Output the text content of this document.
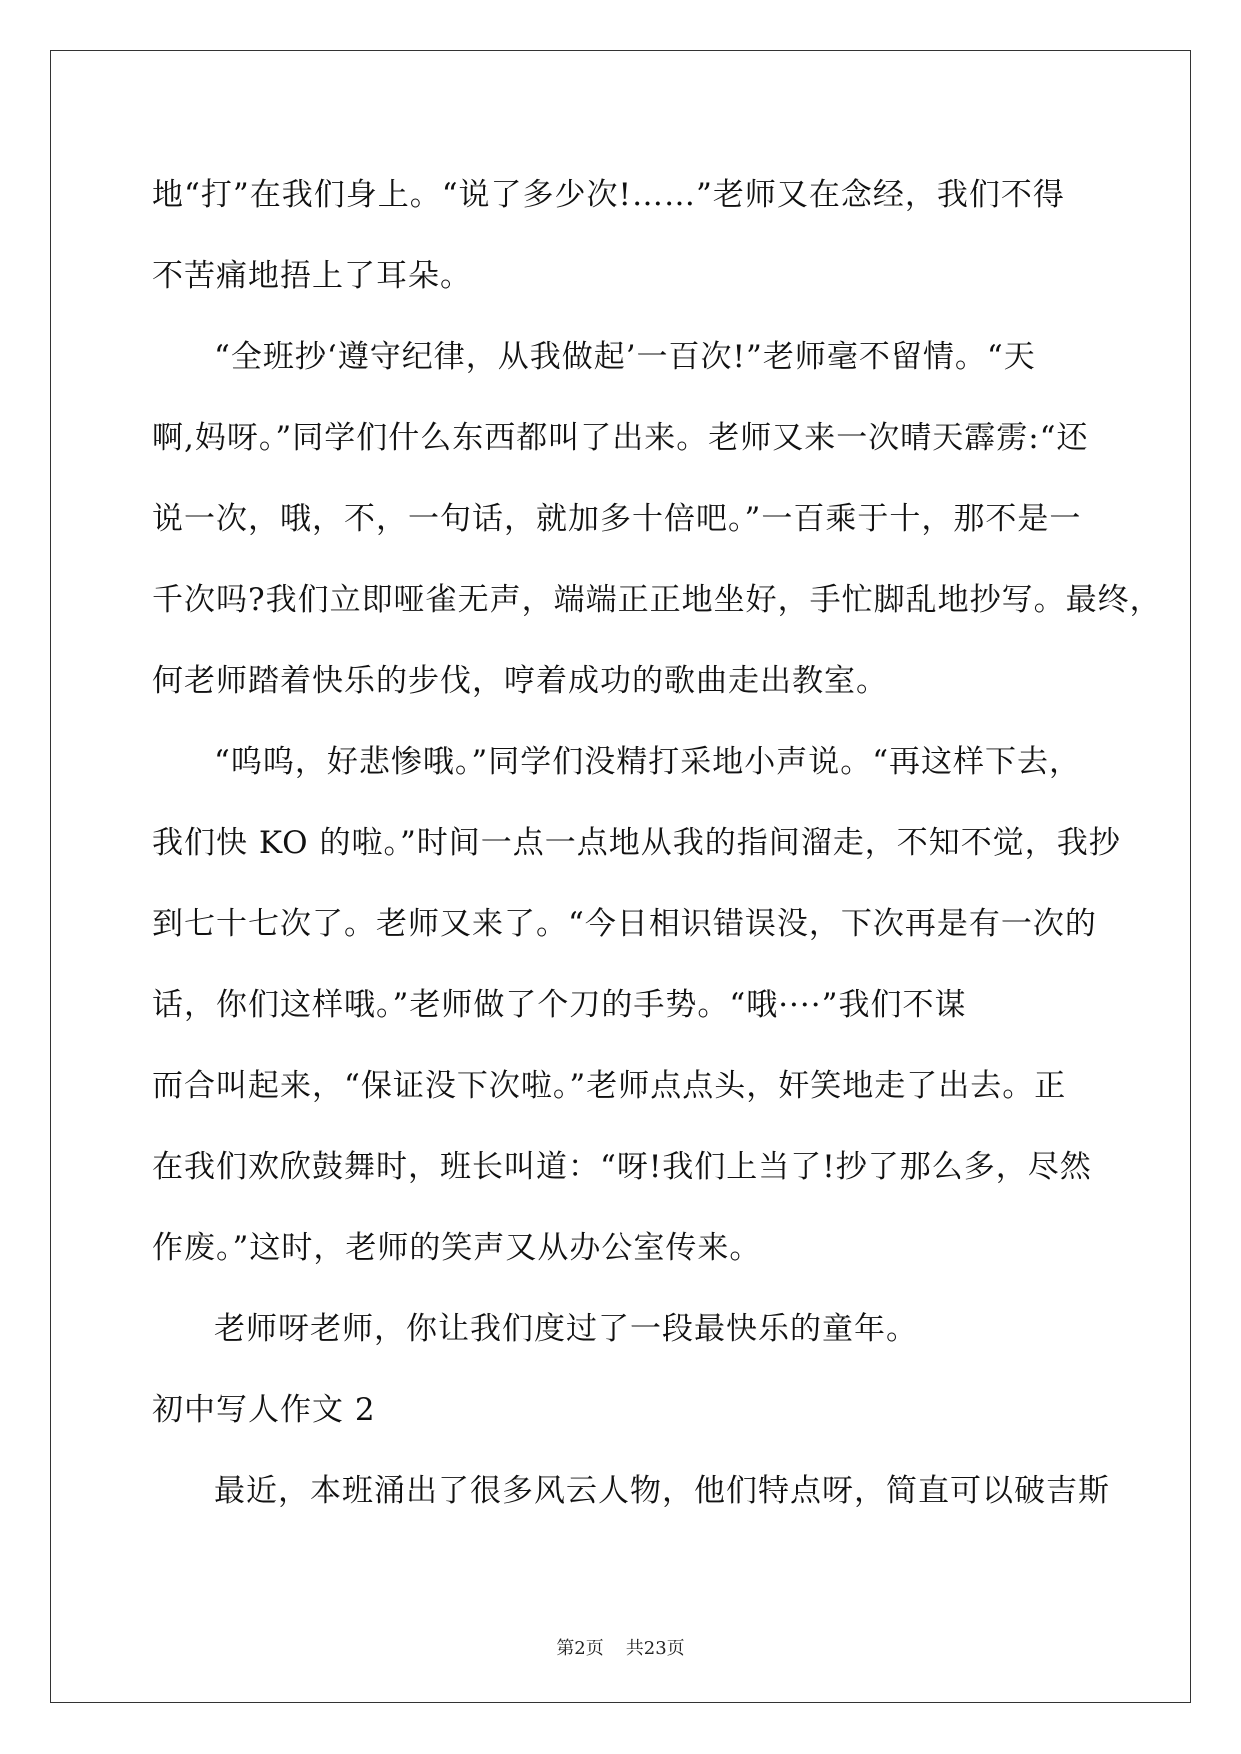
地“打”在我们身上。“说了多少次!……”老师又在念经，我们不得
不苦痛地捂上了耳朵。
“全班抄‘遵守纪律，从我做起’一百次!”老师毫不留情。“天
啊,妈呀。”同学们什么东西都叫了出来。老师又来一次晴天霹雳:“还
说一次，哦，不，一句话，就加多十倍吧。”一百乘于十，那不是一
千次吗?我们立即哑雀无声，端端正正地坐好，手忙脚乱地抄写。最终，
何老师踏着快乐的步伐，哼着成功的歌曲走出教室。
“呜呜，好悲惨哦。”同学们没精打采地小声说。“再这样下去，
我们快 KO 的啦。”时间一点一点地从我的指间溜走，不知不觉，我抄
到七十七次了。老师又来了。“今日相识错误没，下次再是有一次的
话，你们这样哦。”老师做了个刀的手势。“哦····”我们不谋
而合叫起来，“保证没下次啦。”老师点点头，奸笑地走了出去。正
在我们欢欣鼓舞时，班长叫道：“呀!我们上当了!抄了那么多，尽然
作废。”这时，老师的笑声又从办公室传来。
老师呀老师，你让我们度过了一段最快乐的童年。
初中写人作文 2
最近，本班涌出了很多风云人物，他们特点呀，简直可以破吉斯
第2页 共23页
